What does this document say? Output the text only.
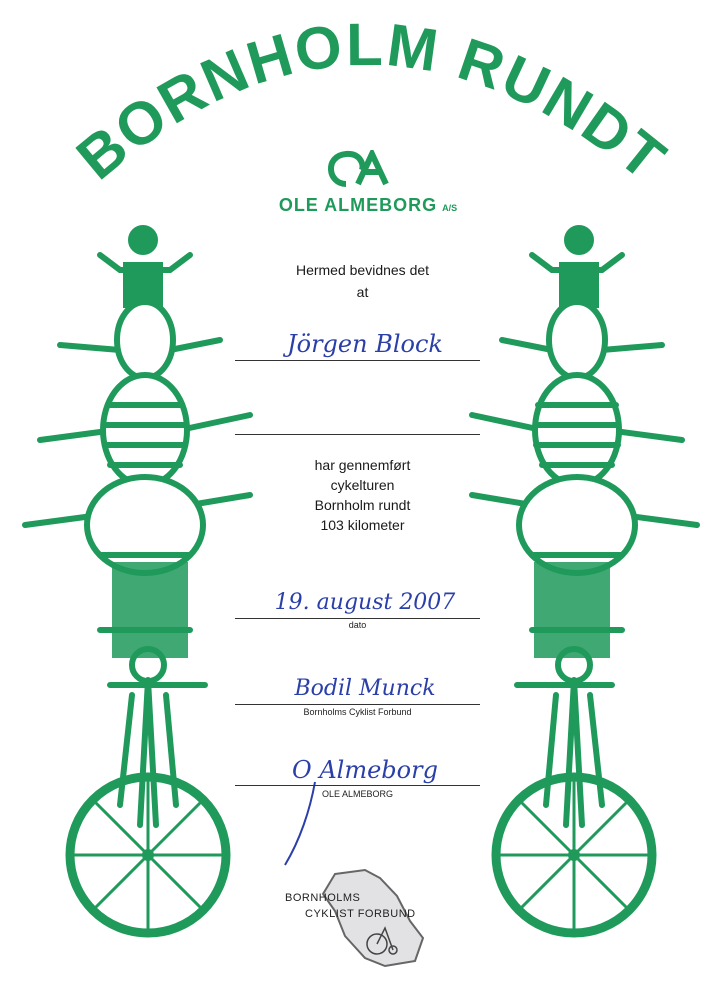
BORNHOLM RUNDT
OLE ALMEBORG A/S
Hermed bevidnes det
at
Jörgen Block
har gennemført
cykelturen
Bornholm rundt
103 kilometer
19. august 2007
dato
Bodil Munck
Bornholms Cyklist Forbund
O Almeborg
OLE ALMEBORG
BORNHOLMS
CYKLIST FORBUND
